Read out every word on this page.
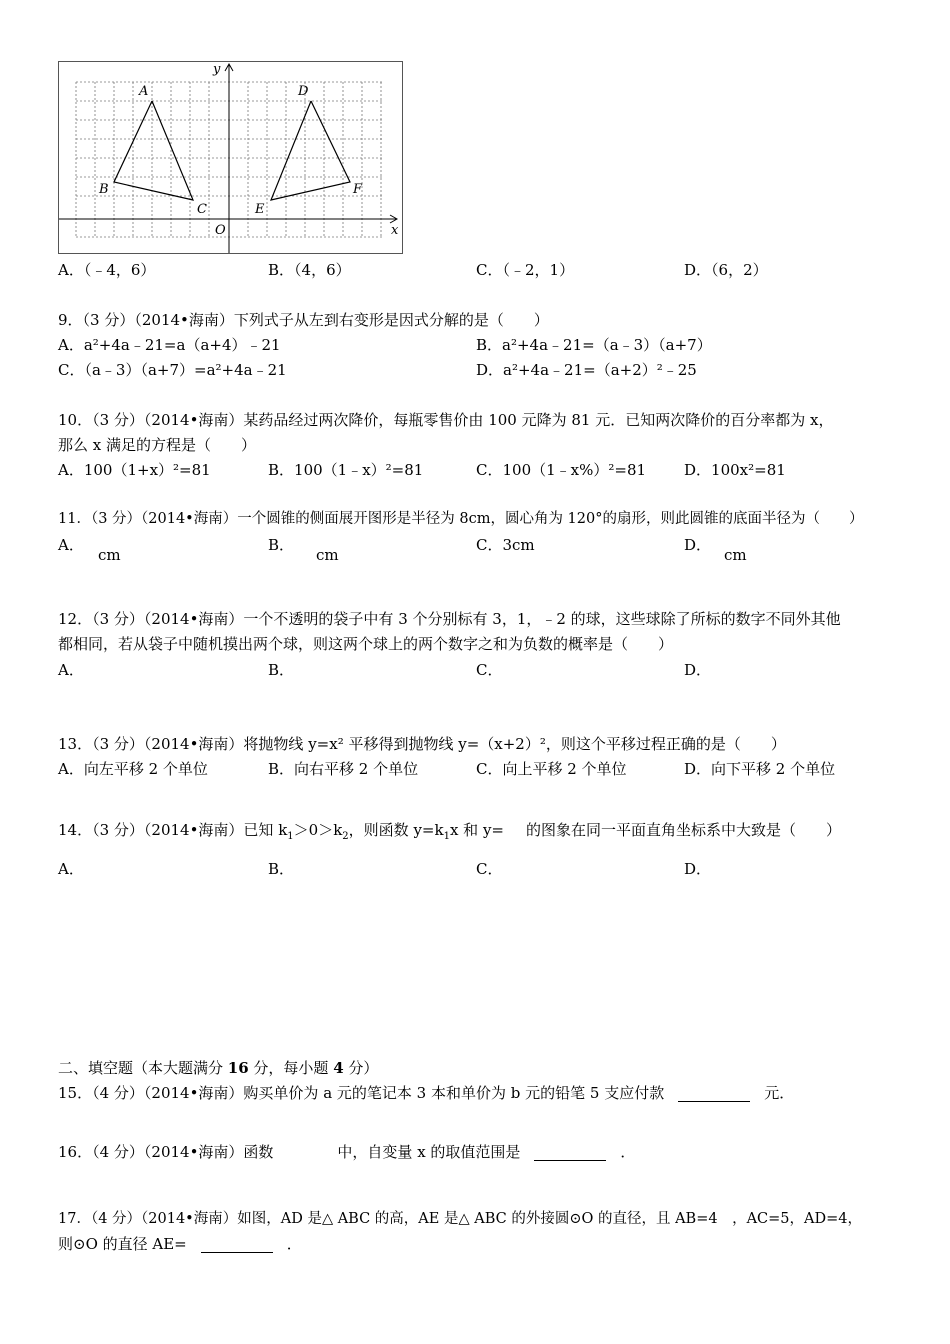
A
B
C
D
E
F
O	x
y
A．（﹣4，6）	B．（4，6）	C．（﹣2，1）	D．（6，2）
9．（3 分）（2014•海南）下列式子从左到右变形是因式分解的是（　　）
A．a²+4a﹣21=a（a+4）﹣21	B．a²+4a﹣21=（a﹣3）（a+7）
C．（a﹣3）（a+7）=a²+4a﹣21	D．a²+4a﹣21=（a+2）²﹣25
10．（3 分）（2014•海南）某药品经过两次降价，每瓶零售价由 100 元降为 81 元．已知两次降价的百分率都为 x，
那么 x 满足的方程是（　　）
A．100（1+x）²=81	B．100（1﹣x）²=81	C．100（1﹣x%）²=81	D．100x²=81
11．（3 分）（2014•海南）一个圆锥的侧面展开图形是半径为 8cm，圆心角为 120°的扇形，则此圆锥的底面半径为（　　）
A．
cm
B．
cm
C．3cm	D．
cm
12．（3 分）（2014•海南）一个不透明的袋子中有 3 个分别标有 3，1，﹣2 的球，这些球除了所标的数字不同外其他
都相同，若从袋子中随机摸出两个球，则这两个球上的两个数字之和为负数的概率是（　　）
A．	B．	C．	D．
13．（3 分）（2014•海南）将抛物线 y=x² 平移得到抛物线 y=（x+2）²，则这个平移过程正确的是（　　）
A．向左平移 2 个单位	B．向右平移 2 个单位	C．向上平移 2 个单位	D．向下平移 2 个单位
14．（3 分）（2014•海南）已知 $k_1>0>k_2$，则函数 $y=k_1x$ 和 y= 的图象在同一平面直角坐标系中大致是（　　）
A．	B．	C．	D．
二、填空题（本大题满分 16 分，每小题 4 分）
15．（4 分）（2014•海南）购买单价为 a 元的笔记本 3 本和单价为 b 元的铅笔 5 支应付款	元．
16．（4 分）（2014•海南）函数	中，自变量 x 的取值范围是	．
17．（4 分）（2014•海南）如图，AD 是△ ABC 的高，AE 是△ ABC 的外接圆⊙O 的直径，且 AB=4　，AC=5，AD=4，
则⊙O 的直径 AE=	．
